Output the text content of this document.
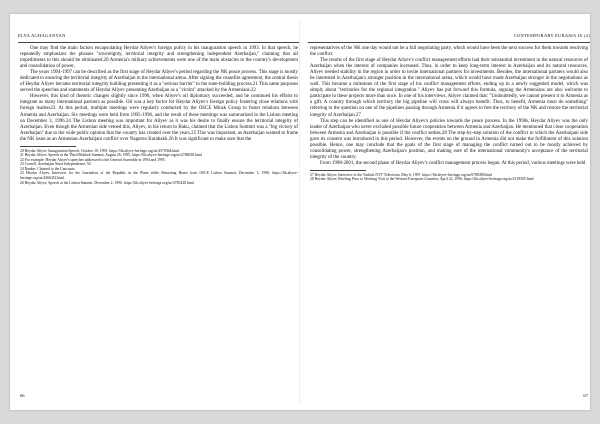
ELYA AGHAGANYAN

One may find the main factors encapsulating Heydar Aliyev's foreign policy in his inauguration speech in 1993. In that speech, he repeatedly emphasizes the phrases "sovereignty, territorial integrity and strengthening independent Azerbaijan," claiming that all impediments to this should be eliminated.20 Armenia's military achievements were one of the main obstacles to the country's development and consolidation of power.

The years 1994-1997 can be described as the first stage of Heydar Aliyev's period regarding the NK peace process. This stage is mostly dedicated to ensuring the territorial integrity of Azerbaijan in the international arena. After signing the ceasefire agreement, the central thesis of Heydar Aliyev became territorial integrity building presenting it as a "serious barrier" to the state-building process.21 This same purposes served the speeches and statements of Heydar Aliyev presenting Azerbaijan as a "victim" attacked by the Armenians.22

However, this kind of rhetoric changes slightly since 1996, when Aliyev's oil diplomacy succeeded, and he continued his efforts to integrate as many international partners as possible. Oil was a key factor for Heydar Aliyev's foreign policy fostering close relations with foreign leaders23. At this period, multiple meetings were regularly conducted by the OSCE Minsk Group to foster relations between Armenia and Azerbaijan. Six meetings were held from 1995-1996, and the result of these meetings was summarized in the Lisbon meeting on December 3, 1996.24 The Lisbon meeting was important for Aliyev as it was his desire to finally ensure the territorial integrity of Azerbaijan. Even though the Armenian side vetoed this, Aliyev, in his return to Baku, claimed that the Lisbon Summit was a "big victory of Azerbaijan" due to the wide public opinion that the country has created over the years.25 This was important, as Azerbaijan wanted to frame the NK issue as an Armenian-Azerbaijani conflict over Nagorno Karabakh.26 It was significant to make sure that the

20 Heydar Aliyev, Inauguration Speech, October 10, 1993, https://lib.aliyev-heritage.org/az/4570364.html.
21 Heydar Aliyev, Speech at the Third Bishkek Summit, August 26, 1995, https://lib.aliyev-heritage.org/az/2786058.html
22 For example: Heydar Aliyev's speeches addressed to the General Assembly in 1994 and 1995.
23 Cornell, Azerbaijan Since Independence, 92.
24 Ranker, Claimed to the Caucasus.
25 Heydar Aliyev, Interview for the Journalists of the Republic in the Plane while Returning Home from OSCE Lisbon Summit, December 3, 1996, https://lib.aliyev-heritage.org/az/4466452.html.
26 Heydar Aliyev, Speech at the Lisbon Summit, December 2, 1996. https://lib.aliyev-heritage.org/az/3785438.html
66
CONTEMPORARY EURASIA IX (2)

representatives of the NK one day would not be a full negotiating party, which would have been the next success for them towards resolving the conflict.

The results of the first stage of Heydar Aliyev's conflict management efforts had their substantial investment in the natural resources of Azerbaijan when the interest of companies increased. Thus, in order to keep long-term interest in Azerbaijan and its natural resources, Aliyev needed stability in the region in order to invite international partners for investments. Besides, the international partners would also be interested in Azerbaijan's stronger position in the international arena, which would have made Azerbaijan stronger in the negotiations as well. This became a milestone of the first stage of his conflict management efforts, ending up in a newly suggested model, which was simply about "territories for the regional integration." Aliyev has put forward this formula, arguing the Armenians are also welcome to participate in these projects more than once. In one of his interviews, Aliyev claimed that: "Undoubtedly, we cannot present it to Armenia as a gift. A country through which territory the big pipeline will cross will always benefit. Thus, to benefit, Armenia must do something" referring to the question on one of the pipelines passing through Armenia if it agrees to free the territory of the NK and restore the territorial integrity of Azerbaijan.27

This step can be identified as one of Heydar Aliyev's policies towards the peace process. In the 1990s, Heydar Aliyev was the only leader of Azerbaijan who never excluded possible future cooperation between Armenia and Azerbaijan. He mentioned that close cooperation between Armenia and Azerbaijan is possible if the conflict settles.28 The step-by-step solution of the conflict to which the Azerbaijani side gave its consent was introduced in this period. However, the events on the ground in Armenia did not make the fulfillment of this solution possible. Hence, one may conclude that the goals of the first stage of managing the conflict turned out to be mostly achieved by consolidating power, strengthening Azerbaijan's position, and making sure of the international community's acceptance of the territorial integrity of the country.

From 1998-2001, the second phase of Heydar Aliyev's conflict management process began. At this period, various meetings were held

27 Heydar Aliyev, Interview to the Turkish NTV Television, May 6, 1997, https://lib.aliyev-heritage.org/az/6788490.html
28 Heydar Aliyev, Briefing Prior to Working Visit to the Western European Countries, April 22, 1996, https://lib.aliyev-heritage.org/az/2118305.html
67
